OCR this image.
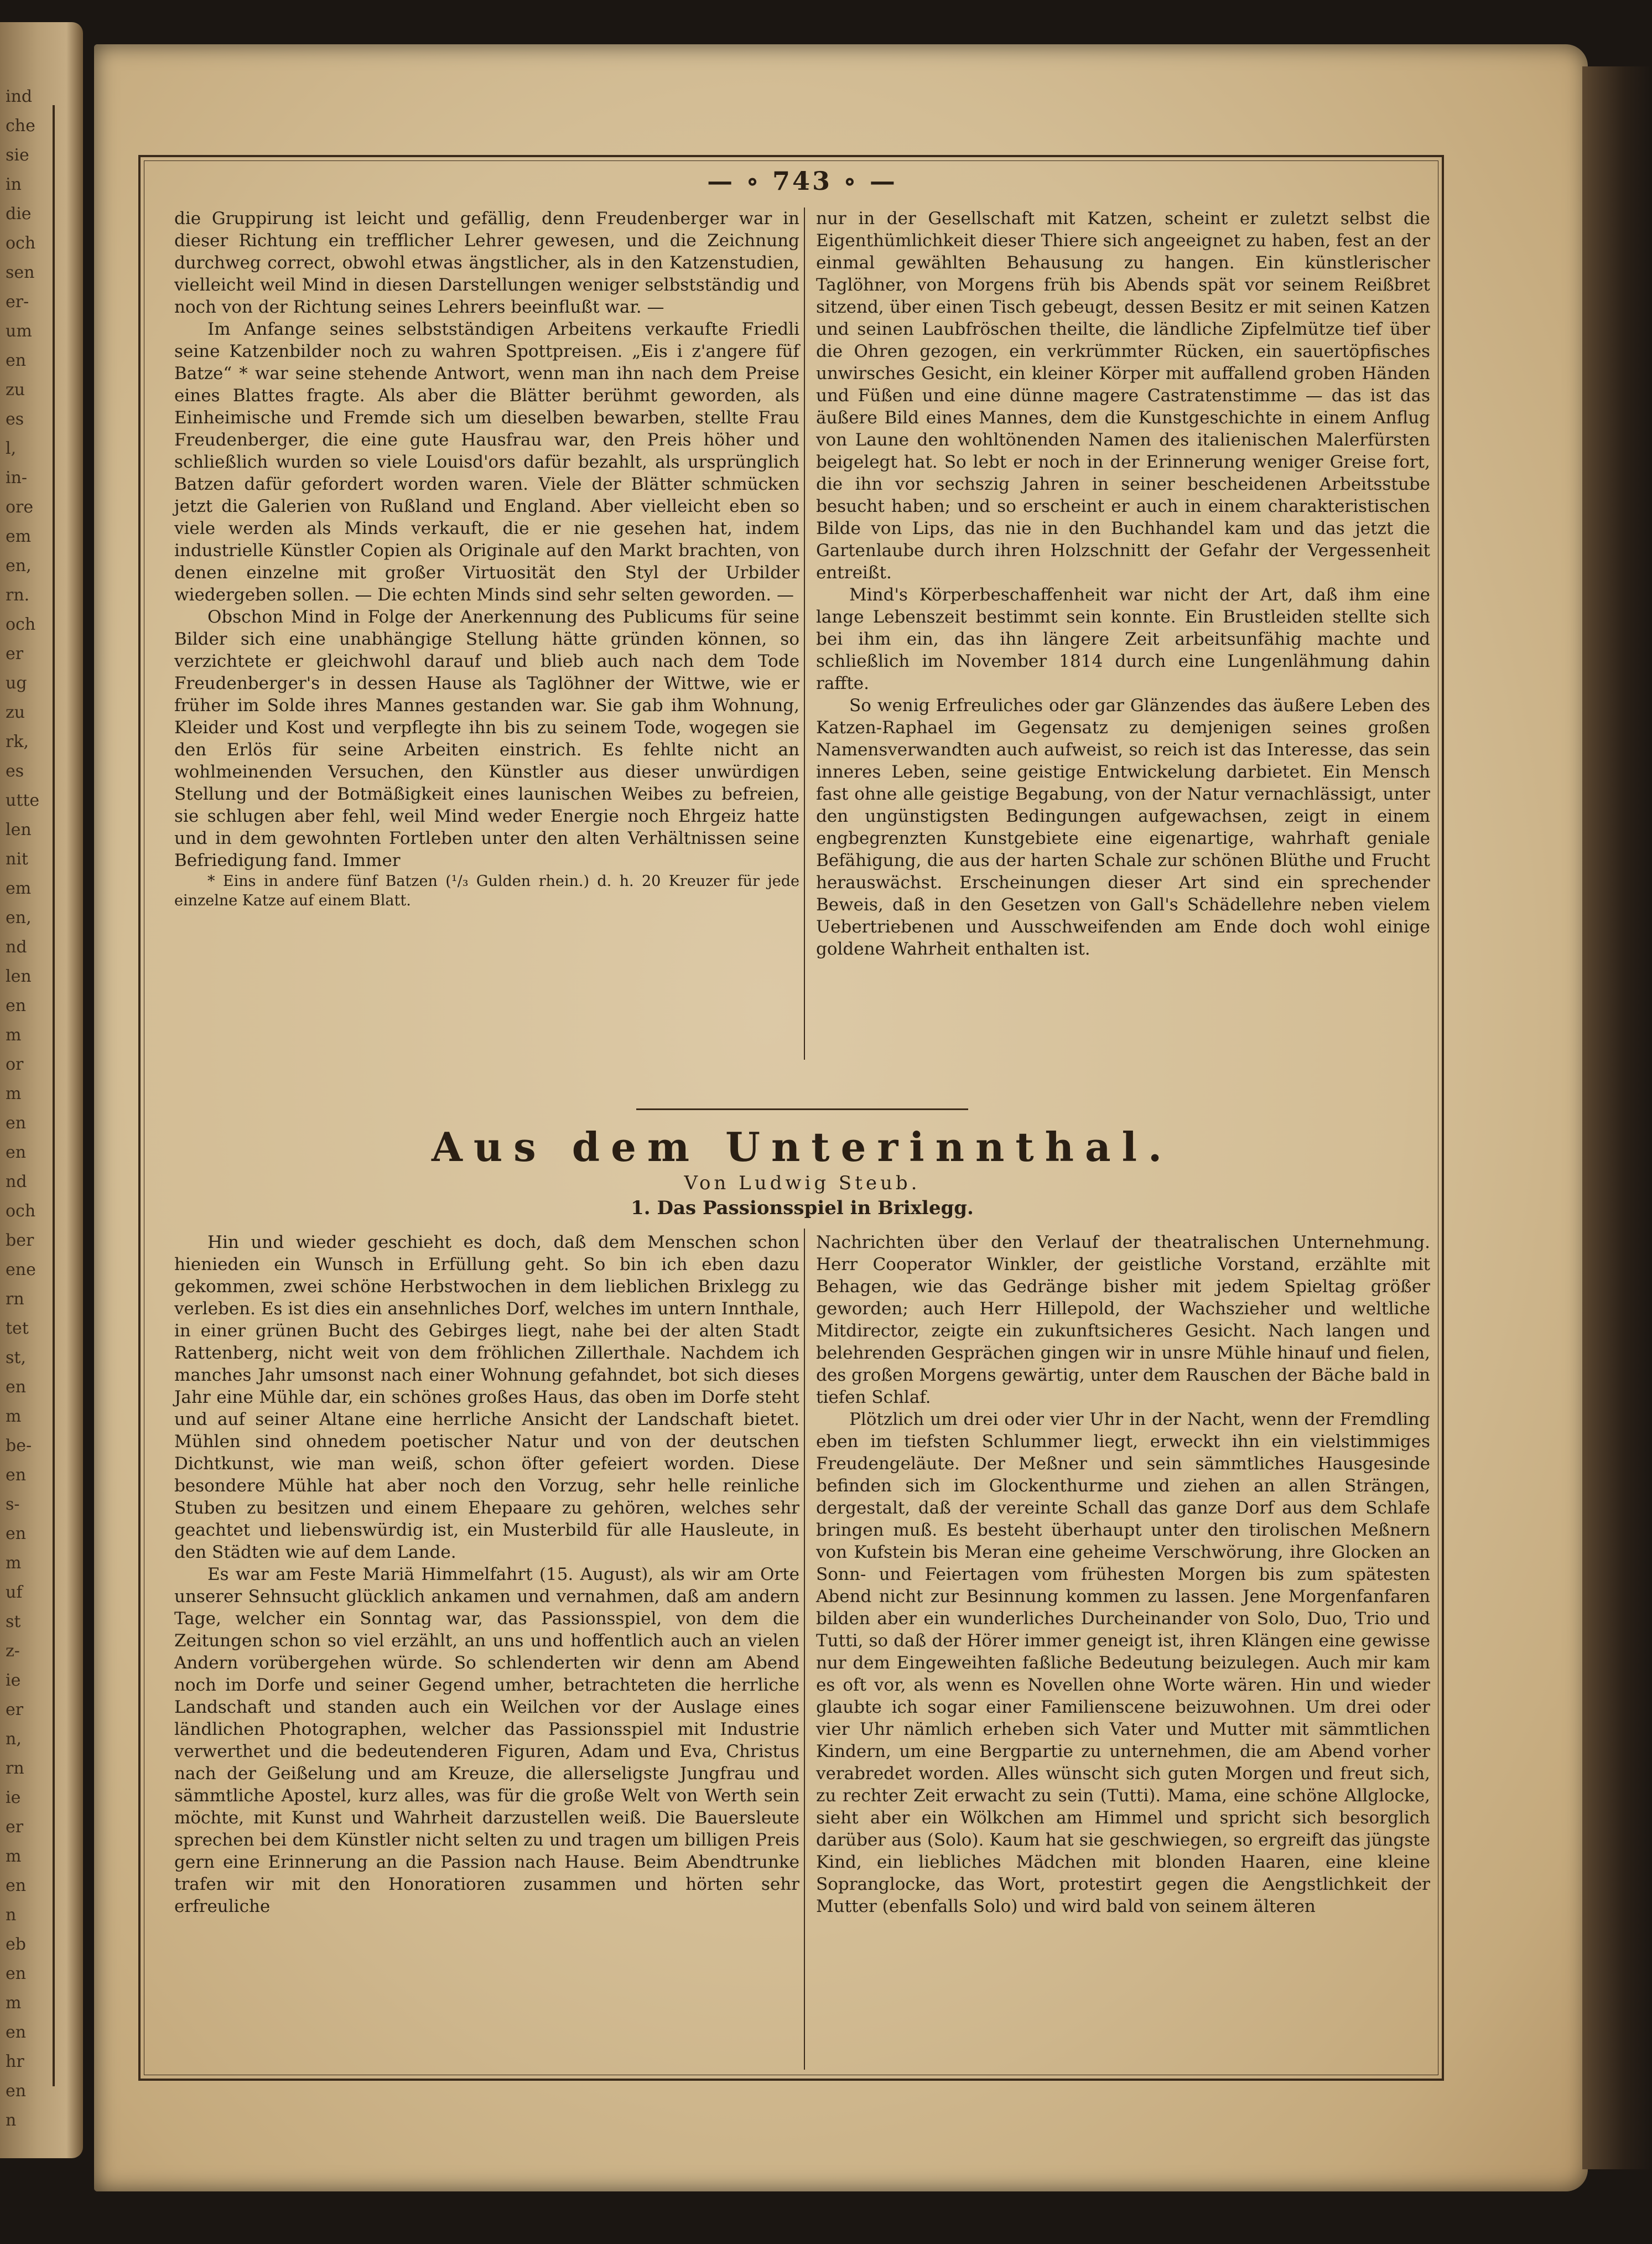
ind
che
sie
in
die
och
sen
er-
um
en
zu
es
l,
in-
ore
em
en,
rn.
och
er
ug
zu
rk,
es
utte
len
nit
em
en,
nd
len
en
m
or
m
en
en
nd
och
ber
ene
rn
tet
st,
en
m
be-
en
s-
en
m
uf
st
z-
ie
er
n,
rn
ie
er
m
en
n
eb
en
m
en
hr
en
n
— ∘ 743 ∘ —

die Gruppirung ist leicht und gefällig, denn Freudenberger war in dieser Richtung ein trefflicher Lehrer gewesen, und die Zeichnung durchweg correct, obwohl etwas ängstlicher, als in den Katzenstudien, vielleicht weil Mind in diesen Darstellungen weniger selbstständig und noch von der Richtung seines Lehrers beeinflußt war. —

Im Anfange seines selbstständigen Arbeitens verkaufte Friedli seine Katzenbilder noch zu wahren Spottpreisen. „Eis i z'angere füf Batze“ * war seine stehende Antwort, wenn man ihn nach dem Preise eines Blattes fragte. Als aber die Blätter berühmt geworden, als Einheimische und Fremde sich um dieselben bewarben, stellte Frau Freudenberger, die eine gute Hausfrau war, den Preis höher und schließlich wurden so viele Louisd'ors dafür bezahlt, als ursprünglich Batzen dafür gefordert worden waren. Viele der Blätter schmücken jetzt die Galerien von Rußland und England. Aber vielleicht eben so viele werden als Minds verkauft, die er nie gesehen hat, indem industrielle Künstler Copien als Originale auf den Markt brachten, von denen einzelne mit großer Virtuosität den Styl der Urbilder wiedergeben sollen. — Die echten Minds sind sehr selten geworden. —

Obschon Mind in Folge der Anerkennung des Publicums für seine Bilder sich eine unabhängige Stellung hätte gründen können, so verzichtete er gleichwohl darauf und blieb auch nach dem Tode Freudenberger's in dessen Hause als Taglöhner der Wittwe, wie er früher im Solde ihres Mannes gestanden war. Sie gab ihm Wohnung, Kleider und Kost und verpflegte ihn bis zu seinem Tode, wogegen sie den Erlös für seine Arbeiten einstrich. Es fehlte nicht an wohlmeinenden Versuchen, den Künstler aus dieser unwürdigen Stellung und der Botmäßigkeit eines launischen Weibes zu befreien, sie schlugen aber fehl, weil Mind weder Energie noch Ehrgeiz hatte und in dem gewohnten Fortleben unter den alten Verhältnissen seine Befriedigung fand. Immer

* Eins in andere fünf Batzen (¹/₃ Gulden rhein.) d. h. 20 Kreuzer für jede einzelne Katze auf einem Blatt.

nur in der Gesellschaft mit Katzen, scheint er zuletzt selbst die Eigenthümlichkeit dieser Thiere sich angeeignet zu haben, fest an der einmal gewählten Behausung zu hangen. Ein künstlerischer Taglöhner, von Morgens früh bis Abends spät vor seinem Reißbret sitzend, über einen Tisch gebeugt, dessen Besitz er mit seinen Katzen und seinen Laubfröschen theilte, die ländliche Zipfelmütze tief über die Ohren gezogen, ein verkrümmter Rücken, ein sauertöpfisches unwirsches Gesicht, ein kleiner Körper mit auffallend groben Händen und Füßen und eine dünne magere Castratenstimme — das ist das äußere Bild eines Mannes, dem die Kunstgeschichte in einem Anflug von Laune den wohltönenden Namen des italienischen Malerfürsten beigelegt hat. So lebt er noch in der Erinnerung weniger Greise fort, die ihn vor sechszig Jahren in seiner bescheidenen Arbeitsstube besucht haben; und so erscheint er auch in einem charakteristischen Bilde von Lips, das nie in den Buchhandel kam und das jetzt die Gartenlaube durch ihren Holzschnitt der Gefahr der Vergessenheit entreißt.

Mind's Körperbeschaffenheit war nicht der Art, daß ihm eine lange Lebenszeit bestimmt sein konnte. Ein Brustleiden stellte sich bei ihm ein, das ihn längere Zeit arbeitsunfähig machte und schließlich im November 1814 durch eine Lungenlähmung dahin raffte.

So wenig Erfreuliches oder gar Glänzendes das äußere Leben des Katzen-Raphael im Gegensatz zu demjenigen seines großen Namensverwandten auch aufweist, so reich ist das Interesse, das sein inneres Leben, seine geistige Entwickelung darbietet. Ein Mensch fast ohne alle geistige Begabung, von der Natur vernachlässigt, unter den ungünstigsten Bedingungen aufgewachsen, zeigt in einem engbegrenzten Kunstgebiete eine eigenartige, wahrhaft geniale Befähigung, die aus der harten Schale zur schönen Blüthe und Frucht herauswächst. Erscheinungen dieser Art sind ein sprechender Beweis, daß in den Gesetzen von Gall's Schädellehre neben vielem Uebertriebenen und Ausschweifenden am Ende doch wohl einige goldene Wahrheit enthalten ist.

Aus dem Unterinnthal.
Von Ludwig Steub.
1. Das Passionsspiel in Brixlegg.

Hin und wieder geschieht es doch, daß dem Menschen schon hienieden ein Wunsch in Erfüllung geht. So bin ich eben dazu gekommen, zwei schöne Herbstwochen in dem lieblichen Brixlegg zu verleben. Es ist dies ein ansehnliches Dorf, welches im untern Innthale, in einer grünen Bucht des Gebirges liegt, nahe bei der alten Stadt Rattenberg, nicht weit von dem fröhlichen Zillerthale. Nachdem ich manches Jahr umsonst nach einer Wohnung gefahndet, bot sich dieses Jahr eine Mühle dar, ein schönes großes Haus, das oben im Dorfe steht und auf seiner Altane eine herrliche Ansicht der Landschaft bietet. Mühlen sind ohnedem poetischer Natur und von der deutschen Dichtkunst, wie man weiß, schon öfter gefeiert worden. Diese besondere Mühle hat aber noch den Vorzug, sehr helle reinliche Stuben zu besitzen und einem Ehepaare zu gehören, welches sehr geachtet und liebenswürdig ist, ein Musterbild für alle Hausleute, in den Städten wie auf dem Lande.

Es war am Feste Mariä Himmelfahrt (15. August), als wir am Orte unserer Sehnsucht glücklich ankamen und vernahmen, daß am andern Tage, welcher ein Sonntag war, das Passionsspiel, von dem die Zeitungen schon so viel erzählt, an uns und hoffentlich auch an vielen Andern vorübergehen würde. So schlenderten wir denn am Abend noch im Dorfe und seiner Gegend umher, betrachteten die herrliche Landschaft und standen auch ein Weilchen vor der Auslage eines ländlichen Photographen, welcher das Passionsspiel mit Industrie verwerthet und die bedeutenderen Figuren, Adam und Eva, Christus nach der Geißelung und am Kreuze, die allerseligste Jungfrau und sämmtliche Apostel, kurz alles, was für die große Welt von Werth sein möchte, mit Kunst und Wahrheit darzustellen weiß. Die Bauersleute sprechen bei dem Künstler nicht selten zu und tragen um billigen Preis gern eine Erinnerung an die Passion nach Hause. Beim Abendtrunke trafen wir mit den Honoratioren zusammen und hörten sehr erfreuliche

Nachrichten über den Verlauf der theatralischen Unternehmung. Herr Cooperator Winkler, der geistliche Vorstand, erzählte mit Behagen, wie das Gedränge bisher mit jedem Spieltag größer geworden; auch Herr Hillepold, der Wachszieher und weltliche Mitdirector, zeigte ein zukunftsicheres Gesicht. Nach langen und belehrenden Gesprächen gingen wir in unsre Mühle hinauf und fielen, des großen Morgens gewärtig, unter dem Rauschen der Bäche bald in tiefen Schlaf.

Plötzlich um drei oder vier Uhr in der Nacht, wenn der Fremdling eben im tiefsten Schlummer liegt, erweckt ihn ein vielstimmiges Freudengeläute. Der Meßner und sein sämmtliches Hausgesinde befinden sich im Glockenthurme und ziehen an allen Strängen, dergestalt, daß der vereinte Schall das ganze Dorf aus dem Schlafe bringen muß. Es besteht überhaupt unter den tirolischen Meßnern von Kufstein bis Meran eine geheime Verschwörung, ihre Glocken an Sonn- und Feiertagen vom frühesten Morgen bis zum spätesten Abend nicht zur Besinnung kommen zu lassen. Jene Morgenfanfaren bilden aber ein wunderliches Durcheinander von Solo, Duo, Trio und Tutti, so daß der Hörer immer geneigt ist, ihren Klängen eine gewisse nur dem Eingeweihten faßliche Bedeutung beizulegen. Auch mir kam es oft vor, als wenn es Novellen ohne Worte wären. Hin und wieder glaubte ich sogar einer Familienscene beizuwohnen. Um drei oder vier Uhr nämlich erheben sich Vater und Mutter mit sämmtlichen Kindern, um eine Bergpartie zu unternehmen, die am Abend vorher verabredet worden. Alles wünscht sich guten Morgen und freut sich, zu rechter Zeit erwacht zu sein (Tutti). Mama, eine schöne Allglocke, sieht aber ein Wölkchen am Himmel und spricht sich besorglich darüber aus (Solo). Kaum hat sie geschwiegen, so ergreift das jüngste Kind, ein liebliches Mädchen mit blonden Haaren, eine kleine Sopranglocke, das Wort, protestirt gegen die Aengstlichkeit der Mutter (ebenfalls Solo) und wird bald von seinem älteren
